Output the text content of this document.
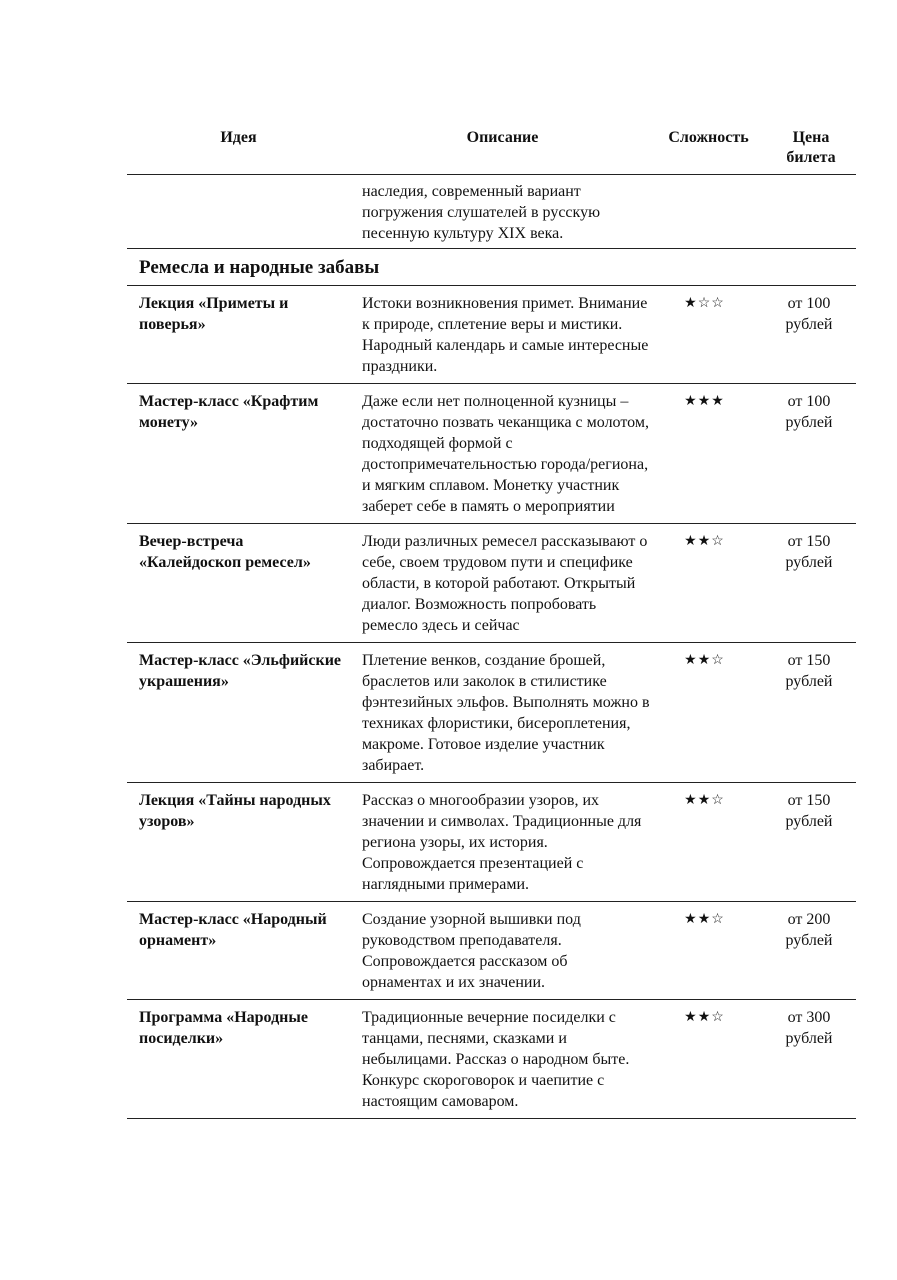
Идея	Описание	Сложность	Цена билета
	наследия, современный вариант погружения слушателей в русскую песенную культуру XIX века.		
Ремесла и народные забавы			
Лекция «Приметы и поверья»	Истоки возникновения примет. Внимание к природе, сплетение веры и мистики. Народный календарь и самые интересные праздники.	★☆☆	от 100 рублей
Мастер-класс «Крафтим монету»	Даже если нет полноценной кузницы – достаточно позвать чеканщика с молотом, подходящей формой с достопримечательностью города/региона, и мягким сплавом. Монетку участник заберет себе в память о мероприятии	★★★	от 100 рублей
Вечер-встреча «Калейдоскоп ремесел»	Люди различных ремесел рассказывают о себе, своем трудовом пути и специфике области, в которой работают. Открытый диалог. Возможность попробовать ремесло здесь и сейчас	★★☆	от 150 рублей
Мастер-класс «Эльфийские украшения»	Плетение венков, создание брошей, браслетов или заколок в стилистике фэнтезийных эльфов. Выполнять можно в техниках флористики, бисероплетения, макроме. Готовое изделие участник забирает.	★★☆	от 150 рублей
Лекция «Тайны народных узоров»	Рассказ о многообразии узоров, их значении и символах. Традиционные для региона узоры, их история. Сопровождается презентацией с наглядными примерами.	★★☆	от 150 рублей
Мастер-класс «Народный орнамент»	Создание узорной вышивки под руководством преподавателя. Сопровождается рассказом об орнаментах и их значении.	★★☆	от 200 рублей
Программа «Народные посиделки»	Традиционные вечерние посиделки с танцами, песнями, сказками и небылицами. Рассказ о народном быте. Конкурс скороговорок и чаепитие с настоящим самоваром.	★★☆	от 300 рублей
